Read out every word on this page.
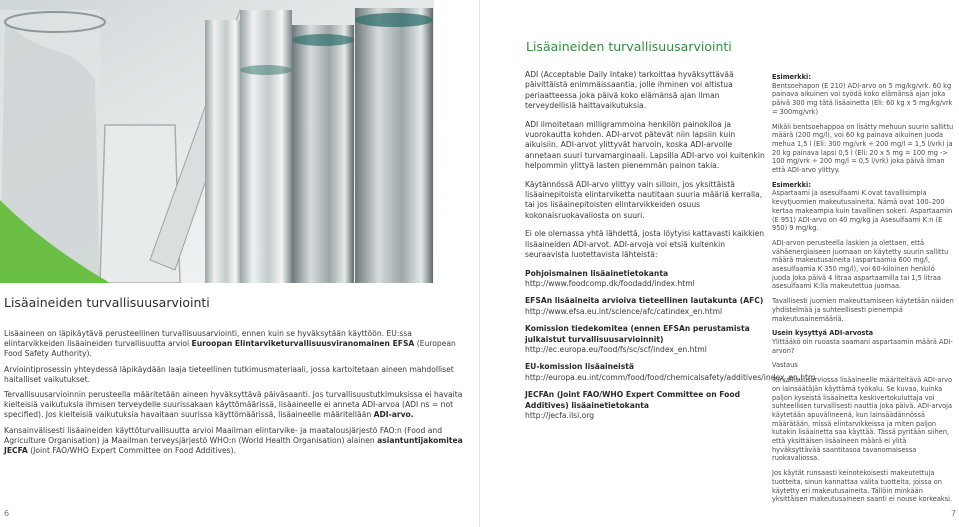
Lisäaineiden turvallisuusarviointi

Lisäaineen on läpikäytävä perusteellinen turvallisuusarviointi, ennen kuin se hyväksytään käyttöön. EU:ssa elintarvikkeiden lisäaineiden turvallisuutta arvioi Euroopan Elintarviketurvallisuusviranomainen EFSA (European Food Safety Authority).

Arviointiprosessin yhteydessä läpikäydään laaja tieteellinen tutkimusmateriaali, jossa kartoitetaan aineen mahdolliset haitalliset vaikutukset.

Tervallisuusarvioinnin perusteella määritetään aineen hyväksyttävä päiväsaanti. Jos turvallisuustutkimuksissa ei havaita kielteisiä vaikutuksia ihmisen terveydelle suurissakaan käyttömäärissä, lisäaineelle ei anneta ADI-arvoa (ADI ns = not specified). Jos kielteisiä vaikutuksia havaitaan suurissa käyttömäärissä, lisäaineelle määritellään ADI-arvo.

Kansainvälisesti lisäaineiden käyttöturvallisuutta arvioi Maailman elintarvike- ja maatalousjärjestö FAO:n (Food and Agriculture Organisation) ja Maailman terveysjärjestö WHO:n (World Health Organisation) alainen asiantuntijakomitea JECFA (Joint FAO/WHO Expert Committee on Food Additives).

6
Lisäaineiden turvallisuusarviointi

ADI (Acceptable Daily Intake) tarkoittaa hyväksyttävää päivittäistä enimmäissaantia, jolle ihminen voi altistua periaatteessa joka päivä koko elämänsä ajan ilman terveydellisiä haittavaikutuksia.

ADI ilmoitetaan milligrammoina henkilön painokiloa ja vuorokautta kohden. ADI-arvot pätevät niin lapsiin kuin aikuisiin. ADI-arvot ylittyvät harvoin, koska ADI-arvolle annetaan suuri turvamarginaali. Lapsilla ADI-arvo voi kuitenkin helpommin ylittyä lasten pienemmän painon takia.

Käytännössä ADI-arvo ylittyy vain silloin, jos yksittäistä lisäainepitoista elintarviketta nautitaan suuria määriä kerralla, tai jos lisäainepitoisten elintarvikkeiden osuus kokonaisruokavaliosta on suuri.

Ei ole olemassa yhtä lähdettä, josta löytyisi kattavasti kaikkien lisäaineiden ADI-arvot. ADI-arvoja voi etsiä kuitenkin seuraavista luotettavista lähteistä:

Pohjoismainen lisäainetietokanta
http://www.foodcomp.dk/foodadd/index.html
EFSAn lisäaineita arvioiva tieteellinen lautakunta (AFC)
http://www.efsa.eu.int/science/afc/catindex_en.html
Komission tiedekomitea (ennen EFSAn perustamista julkaistut turvallisuusarvioinnit)
http://ec.europa.eu/food/fs/sc/scf/index_en.html
EU-komission lisäaineistä
http://europa.eu.int/comm/food/food/chemicalsafety/additives/index_en.htm
JECFAn (Joint FAO/WHO Expert Committee on Food Additives) lisäainetietokanta
http://jecfa.ilsi.org

Esimerkki:
Bentsoehapon (E 210) ADI-arvo on 5 mg/kg/vrk. 60 kg painava aikuinen voi syödä koko elämänsä ajan joka päivä 300 mg tätä lisäainetta (Eli: 60 kg x 5 mg/kg/vrk = 300mg/vrk)

Mikäli bentsoehappoa on lisätty mehuun suurin sallittu määrä (200 mg/l), voi 60 kg painava aikuinen juoda mehua 1,5 l (Eli: 300 mg/vrk ÷ 200 mg/l = 1,5 l/vrk) ja 20 kg painava lapsi 0,5 l (Eli: 20 x 5 mg = 100 mg -> 100 mg/vrk ÷ 200 mg/l = 0,5 l/vrk) joka päivä ilman että ADI-arvo ylittyy.

Esimerkki:
Aspartaami ja asesulfaami K ovat tavallisimpia kevytjuomien makeutusaineita. Nämä ovat 100–200 kertaa makeampia kuin tavallinen sokeri. Aspartaamin (E 951) ADI-arvo on 40 mg/kg ja Asesulfaami K:n (E 950) 9 mg/kg.

ADI-arvon perusteella laskien ja olettaen, että vähäenergiaiseen juomaan on käytetty suurin sallittu määrä makeutusaineita (aspartaamia 600 mg/l, asesulfaamia K 350 mg/l), voi 60-kiloinen henkilö juoda joka päivä 4 litraa aspartaamilla tai 1,5 litraa asesulfaami K:lla makeutettua juomaa.

Tavallisesti juomien makeuttamiseen käytetään näiden yhdistelmää ja suhteellisesti pienempiä makeutusainemääriä.

Usein kysyttyä ADI-arvosta
Ylittääkö oin ruoasta saamani aspartaamin määrä ADI-arvon?

Vastaus

Turvallisuusarviossa lisäaineelle määriteltävä ADI-arvo on lainsäätäjän käyttämä työkalu. Se kuvaa, kuinka paljon kyseistä lisäainetta keskivertokuluttaja voi suhteellisen turvallisesti nauttia joka päivä. ADI-arvoja käytetään apuvälineenä, kun lainsäädännössä määrätään, missä elintarvikkeissa ja miten paljon kutakin lisäainetta saa käyttää. Tässä pyritään siihen, että yksittäisen lisäaineen määrä ei ylitä hyväksyttävää saantitasoa tavanomaisessa ruokavaliossa.

Jos käytät runsaasti keinotekoisesti makeutettuja tuotteita, sinun kannattaa valita tuotteita, joissa on käytetty eri makeutusaineita. Tällöin minkään yksittäisen makeutusaineen saanti ei nouse korkeaksi.

7
